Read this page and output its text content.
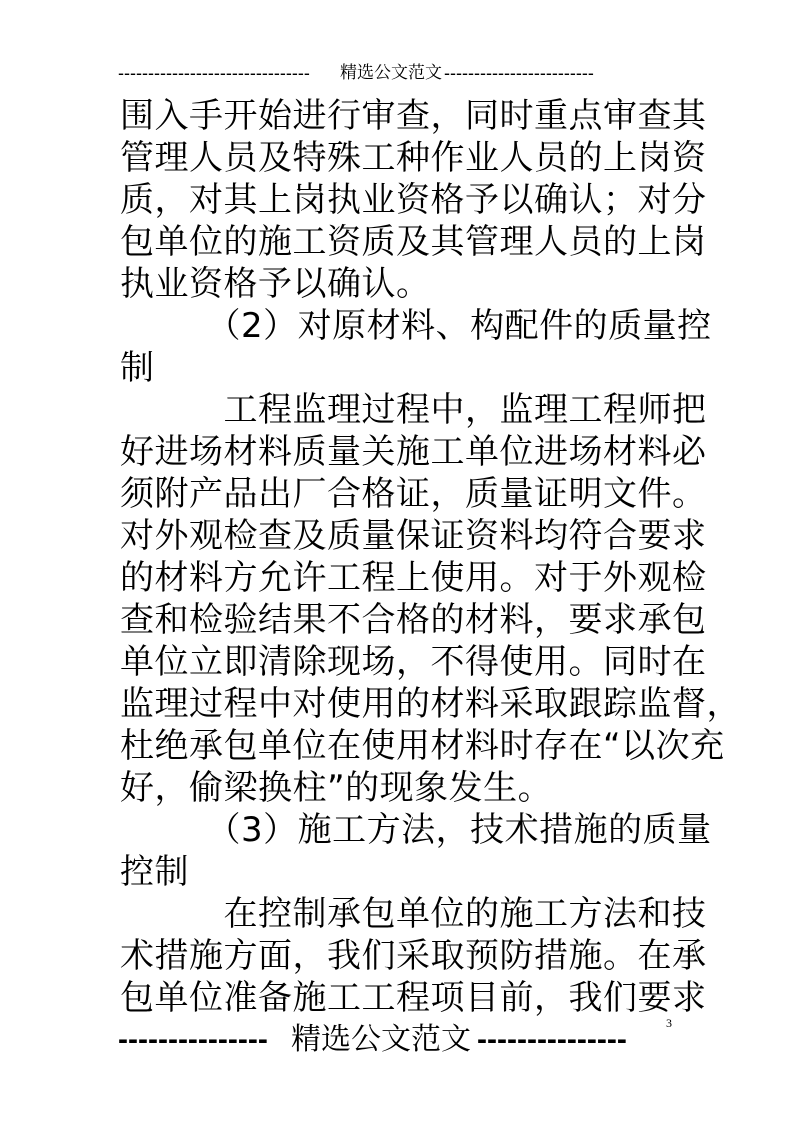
--------------------------------	精选公文范文 -------------------------
围入手开始进行审查，同时重点审查其
管理人员及特殊工种作业人员的上岗资
质，对其上岗执业资格予以确认；对分
包单位的施工资质及其管理人员的上岗
执业资格予以确认。
　　　（2）对原材料、构配件的质量控
制
　　　工程监理过程中，监理工程师把
好进场材料质量关施工单位进场材料必
须附产品出厂合格证，质量证明文件。
对外观检查及质量保证资料均符合要求
的材料方允许工程上使用。对于外观检
查和检验结果不合格的材料，要求承包
单位立即清除现场，不得使用。同时在
监理过程中对使用的材料采取跟踪监督，
杜绝承包单位在使用材料时存在“以次充
好，偷梁换柱”的现象发生。
　　　（3）施工方法，技术措施的质量
控制
　　　在控制承包单位的施工方法和技
术措施方面，我们采取预防措施。在承
包单位准备施工工程项目前，我们要求
3
--------------- 精选公文范文 ---------------
